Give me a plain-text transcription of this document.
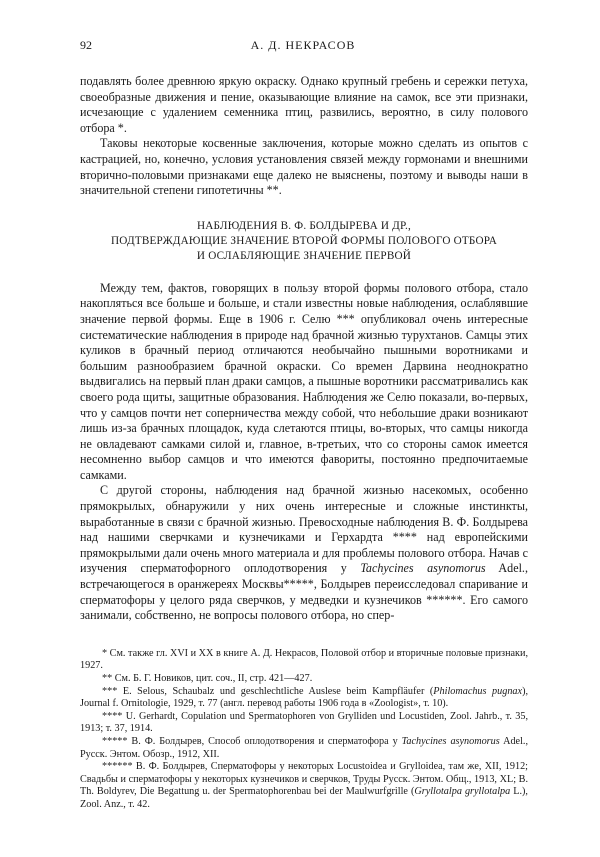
92	А. Д. НЕКРАСОВ

подавлять более древнюю яркую окраску. Однако крупный гребень и сережки петуха, своеобразные движения и пение, оказывающие влияние на самок, все эти признаки, исчезающие с удалением семенника птиц, развились, вероятно, в силу полового отбора *.

Таковы некоторые косвенные заключения, которые можно сделать из опытов с кастрацией, но, конечно, условия установления связей между гормонами и внешними вторично-половыми признаками еще далеко не выяснены, поэтому и выводы наши в значительной степени гипотетичны **.

НАБЛЮДЕНИЯ В. Ф. БОЛДЫРЕВА И ДР.,
ПОДТВЕРЖДАЮЩИЕ ЗНАЧЕНИЕ ВТОРОЙ ФОРМЫ ПОЛОВОГО ОТБОРА
И ОСЛАБЛЯЮЩИЕ ЗНАЧЕНИЕ ПЕРВОЙ

Между тем, фактов, говорящих в пользу второй формы полового отбора, стало накопляться все больше и больше, и стали известны новые наблюдения, ослаблявшие значение первой формы. Еще в 1906 г. Селю *** опубликовал очень интересные систематические наблюдения в природе над брачной жизнью турухтанов. Самцы этих куликов в брачный период отличаются необычайно пышными воротниками и большим разнообразием брачной окраски. Со времен Дарвина неоднократно выдвигались на первый план драки самцов, а пышные воротники рассматривались как своего рода щиты, защитные образования. Наблюдения же Селю показали, во-первых, что у самцов почти нет соперничества между собой, что небольшие драки возникают лишь из-за брачных площадок, куда слетаются птицы, во-вторых, что самцы никогда не овладевают самками силой и, главное, в-третьих, что со стороны самок имеется несомненно выбор самцов и что имеются фавориты, постоянно предпочитаемые самками.

С другой стороны, наблюдения над брачной жизнью насекомых, особенно прямокрылых, обнаружили у них очень интересные и сложные инстинкты, выработанные в связи с брачной жизнью. Превосходные наблюдения В. Ф. Болдырева над нашими сверчками и кузнечиками и Герхардта **** над европейскими прямокрылыми дали очень много материала и для проблемы полового отбора. Начав с изучения сперматофорного оплодотворения у Tachycines asynomorus Adel., встречающегося в оранжереях Москвы*****, Болдырев переисследовал спаривание и сперматофоры у целого ряда сверчков, у медведки и кузнечиков ******. Его самого занимали, собственно, не вопросы полового отбора, но спер-

* См. также гл. XVI и XX в книге А. Д. Некрасов, Половой отбор и вторичные половые признаки, 1927.

** См. Б. Г. Новиков, цит. соч., II, стр. 421—427.

*** E. Selous, Schaubalz und geschlechtliche Auslese beim Kampfläufer (Philomachus pugnax), Journal f. Ornitologie, 1929, т. 77 (англ. перевод работы 1906 года в «Zoologist», т. 10).

**** U. Gerhardt, Copulation und Spermatophoren von Grylliden und Locustiden, Zool. Jahrb., т. 35, 1913; т. 37, 1914.

***** В. Ф. Болдырев, Способ оплодотворения и сперматофора у Tachycines asynomorus Adel., Русск. Энтом. Обозр., 1912, XII.

****** В. Ф. Болдырев, Сперматофоры у некоторых Locustoidea и Grylloidea, там же, XII, 1912; Свадьбы и сперматофоры у некоторых кузнечиков и сверчков, Труды Русск. Энтом. Общ., 1913, XL; B. Th. Boldyrev, Die Begattung u. der Spermatophorenbau bei der Maulwurfgrille (Gryllotalpa gryllotalpa L.), Zool. Anz., т. 42.
